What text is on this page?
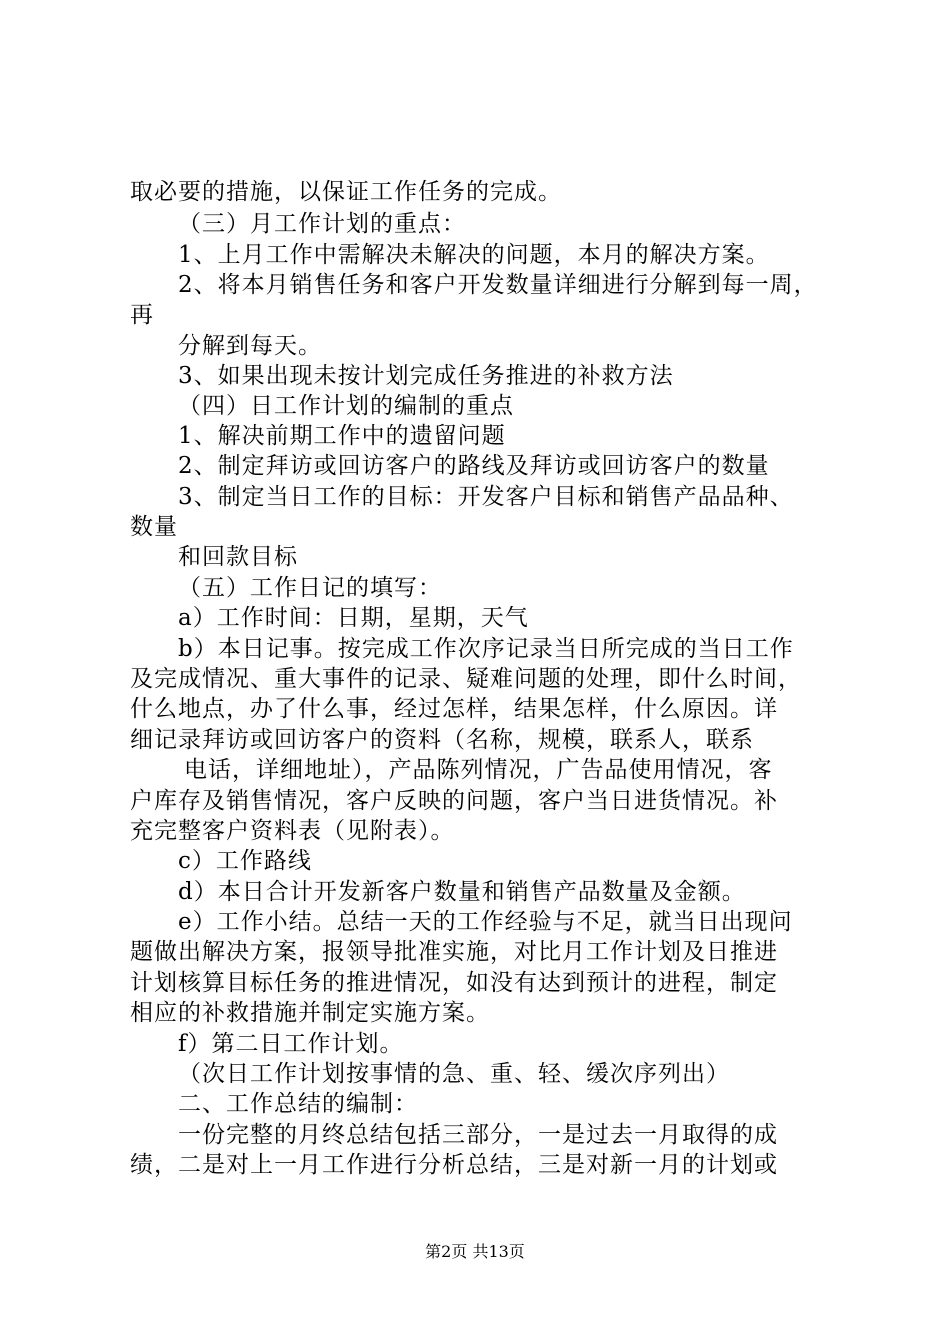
取必要的措施，以保证工作任务的完成。
（三）月工作计划的重点：
1、上月工作中需解决未解决的问题，本月的解决方案。
2、将本月销售任务和客户开发数量详细进行分解到每一周，
再
分解到每天。
3、如果出现未按计划完成任务推进的补救方法
（四）日工作计划的编制的重点
1、解决前期工作中的遗留问题
2、制定拜访或回访客户的路线及拜访或回访客户的数量
3、制定当日工作的目标：开发客户目标和销售产品品种、
数量
和回款目标
（五）工作日记的填写：
a）工作时间：日期，星期，天气
b）本日记事。按完成工作次序记录当日所完成的当日工作
及完成情况、重大事件的记录、疑难问题的处理，即什么时间，
什么地点，办了什么事，经过怎样，结果怎样，什么原因。详
细记录拜访或回访客户的资料（名称，规模，联系人，联系
电话，详细地址），产品陈列情况，广告品使用情况，客
户库存及销售情况，客户反映的问题，客户当日进货情况。补
充完整客户资料表（见附表）。
c）工作路线
d）本日合计开发新客户数量和销售产品数量及金额。
e）工作小结。总结一天的工作经验与不足，就当日出现问
题做出解决方案，报领导批准实施，对比月工作计划及日推进
计划核算目标任务的推进情况，如没有达到预计的进程，制定
相应的补救措施并制定实施方案。
f）第二日工作计划。
（次日工作计划按事情的急、重、轻、缓次序列出）
二、工作总结的编制：
一份完整的月终总结包括三部分，一是过去一月取得的成
绩，二是对上一月工作进行分析总结，三是对新一月的计划或
第2页 共13页
